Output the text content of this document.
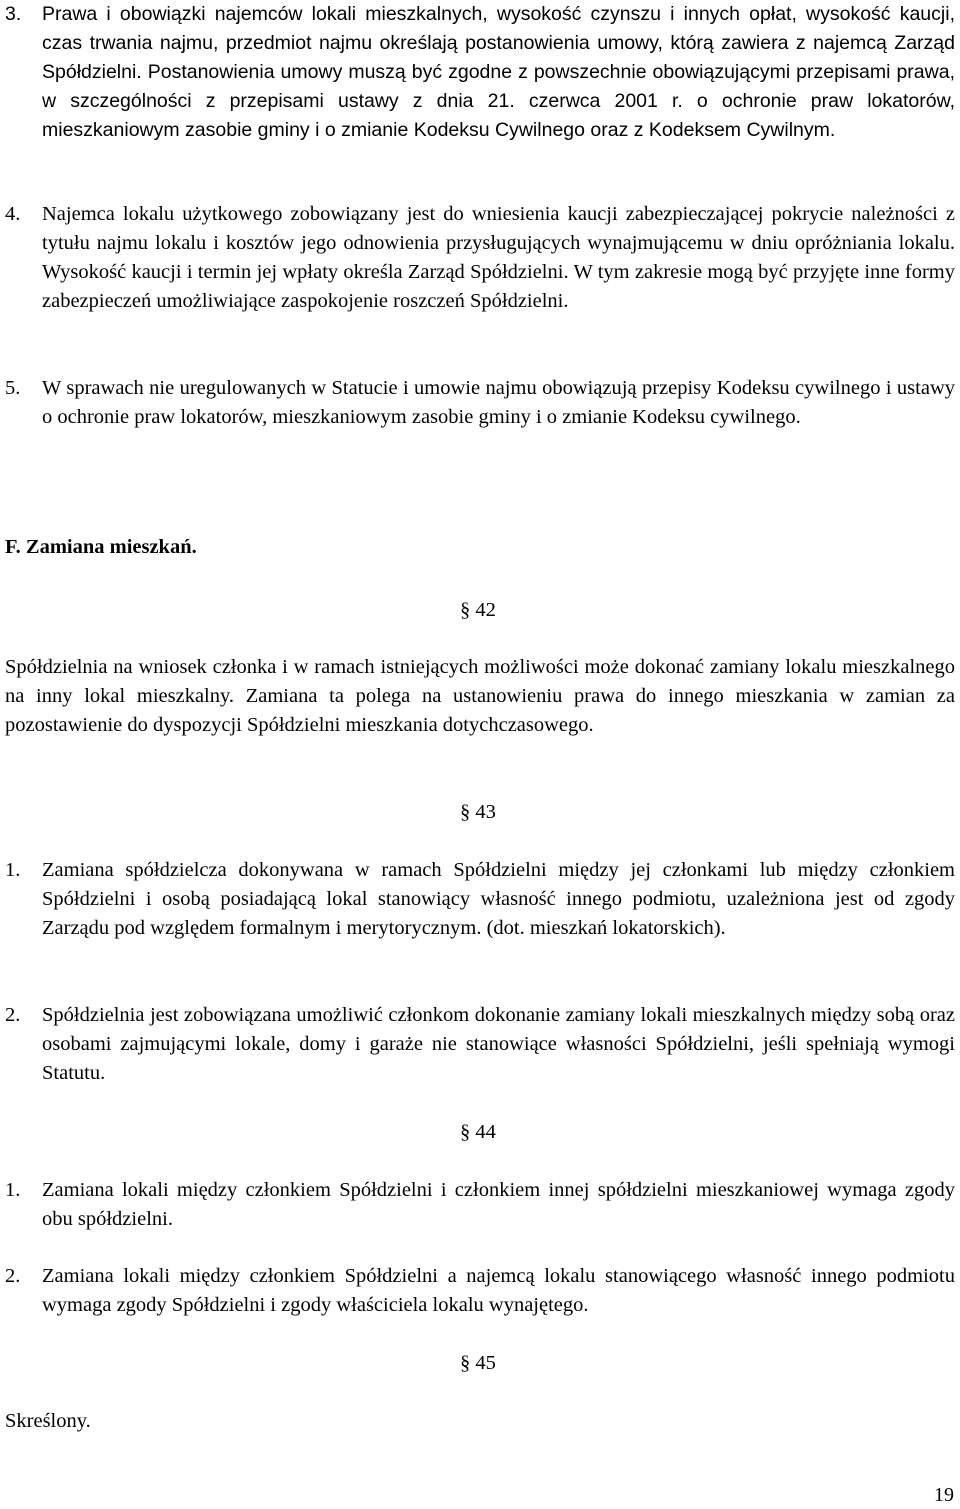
3. Prawa i obowiązki najemców lokali mieszkalnych, wysokość czynszu i innych opłat, wysokość kaucji, czas trwania najmu, przedmiot najmu określają postanowienia umowy, którą zawiera z najemcą Zarząd Spółdzielni. Postanowienia umowy muszą być zgodne z powszechnie obowiązującymi przepisami prawa, w szczególności z przepisami ustawy z dnia 21. czerwca 2001 r. o ochronie praw lokatorów, mieszkaniowym zasobie gminy i o zmianie Kodeksu Cywilnego oraz z Kodeksem Cywilnym.
4. Najemca lokalu użytkowego zobowiązany jest do wniesienia kaucji zabezpieczającej pokrycie należności z tytułu najmu lokalu i kosztów jego odnowienia przysługujących wynajmującemu w dniu opróżniania lokalu. Wysokość kaucji i termin jej wpłaty określa Zarząd Spółdzielni. W tym zakresie mogą być przyjęte inne formy zabezpieczeń umożliwiające zaspokojenie roszczeń Spółdzielni.
5. W sprawach nie uregulowanych w Statucie i umowie najmu obowiązują przepisy Kodeksu cywilnego i ustawy o ochronie praw lokatorów, mieszkaniowym zasobie gminy i o zmianie Kodeksu cywilnego.
F. Zamiana mieszkań.
§ 42
Spółdzielnia na wniosek członka i w ramach istniejących możliwości może dokonać zamiany lokalu mieszkalnego na inny lokal mieszkalny. Zamiana ta polega na ustanowieniu prawa do innego mieszkania w zamian za pozostawienie do dyspozycji Spółdzielni mieszkania dotychczasowego.
§ 43
1. Zamiana spółdzielcza dokonywana w ramach Spółdzielni między jej członkami lub między członkiem Spółdzielni i osobą posiadającą lokal stanowiący własność innego podmiotu, uzależniona jest od zgody Zarządu pod względem formalnym i merytorycznym. (dot. mieszkań lokatorskich).
2. Spółdzielnia jest zobowiązana umożliwić członkom dokonanie zamiany lokali mieszkalnych między sobą oraz osobami zajmującymi lokale, domy i garaże nie stanowiące własności Spółdzielni, jeśli spełniają wymogi Statutu.
§ 44
1. Zamiana lokali między członkiem Spółdzielni i członkiem innej spółdzielni mieszkaniowej wymaga zgody obu spółdzielni.
2. Zamiana lokali między członkiem Spółdzielni a najemcą lokalu stanowiącego własność innego podmiotu wymaga zgody Spółdzielni i zgody właściciela lokalu wynajętego.
§ 45
Skreślony.
19
